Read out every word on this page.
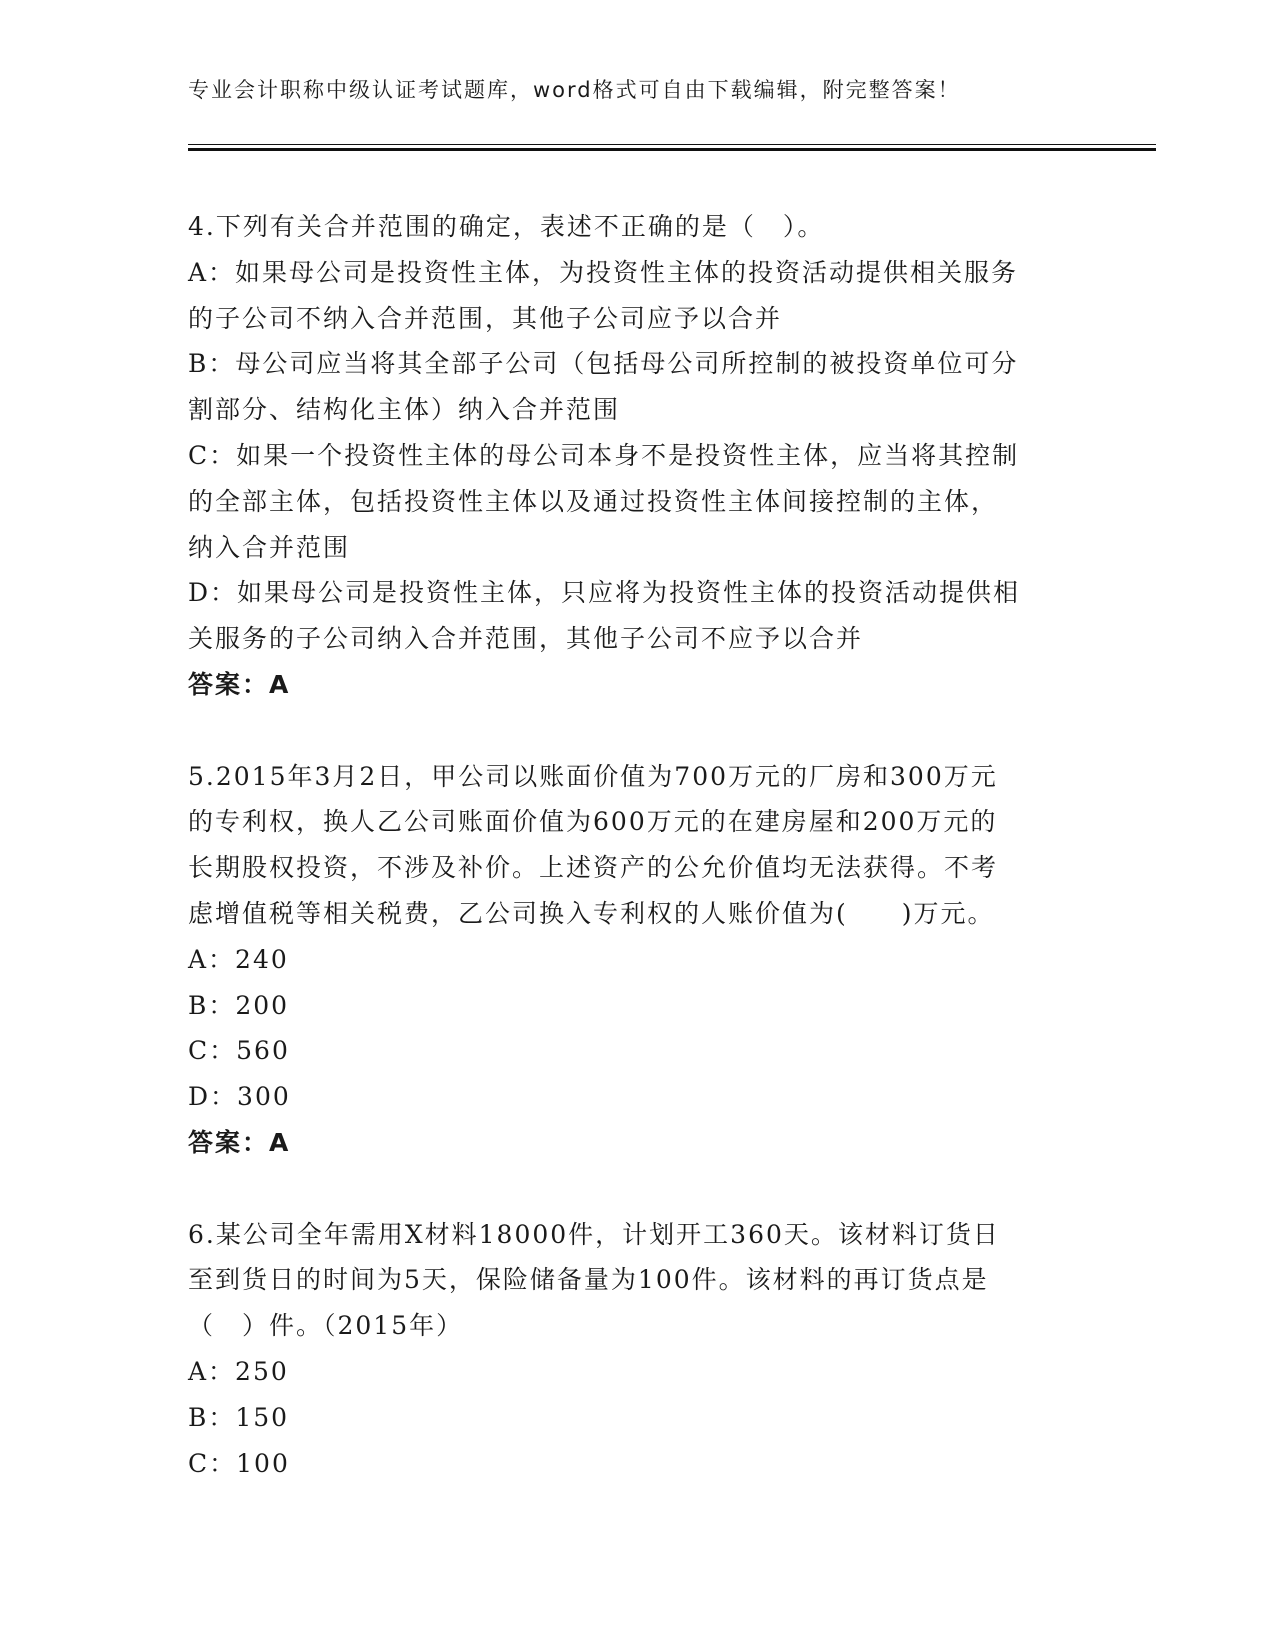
专业会计职称中级认证考试题库，word格式可自由下载编辑，附完整答案！
4.下列有关合并范围的确定，表述不正确的是（　）。
A：如果母公司是投资性主体，为投资性主体的投资活动提供相关服务
的子公司不纳入合并范围，其他子公司应予以合并
B：母公司应当将其全部子公司（包括母公司所控制的被投资单位可分
割部分、结构化主体）纳入合并范围
C：如果一个投资性主体的母公司本身不是投资性主体，应当将其控制
的全部主体，包括投资性主体以及通过投资性主体间接控制的主体，
纳入合并范围
D：如果母公司是投资性主体，只应将为投资性主体的投资活动提供相
关服务的子公司纳入合并范围，其他子公司不应予以合并
答案：A
5.2015年3月2日，甲公司以账面价值为700万元的厂房和300万元
的专利权，换人乙公司账面价值为600万元的在建房屋和200万元的
长期股权投资，不涉及补价。上述资产的公允价值均无法获得。不考
虑增值税等相关税费，乙公司换入专利权的人账价值为(　　)万元。
A：240
B：200
C：560
D：300
答案：A
6.某公司全年需用X材料18000件，计划开工360天。该材料订货日
至到货日的时间为5天，保险储备量为100件。该材料的再订货点是
（　）件。（2015年）
A：250
B：150
C：100
